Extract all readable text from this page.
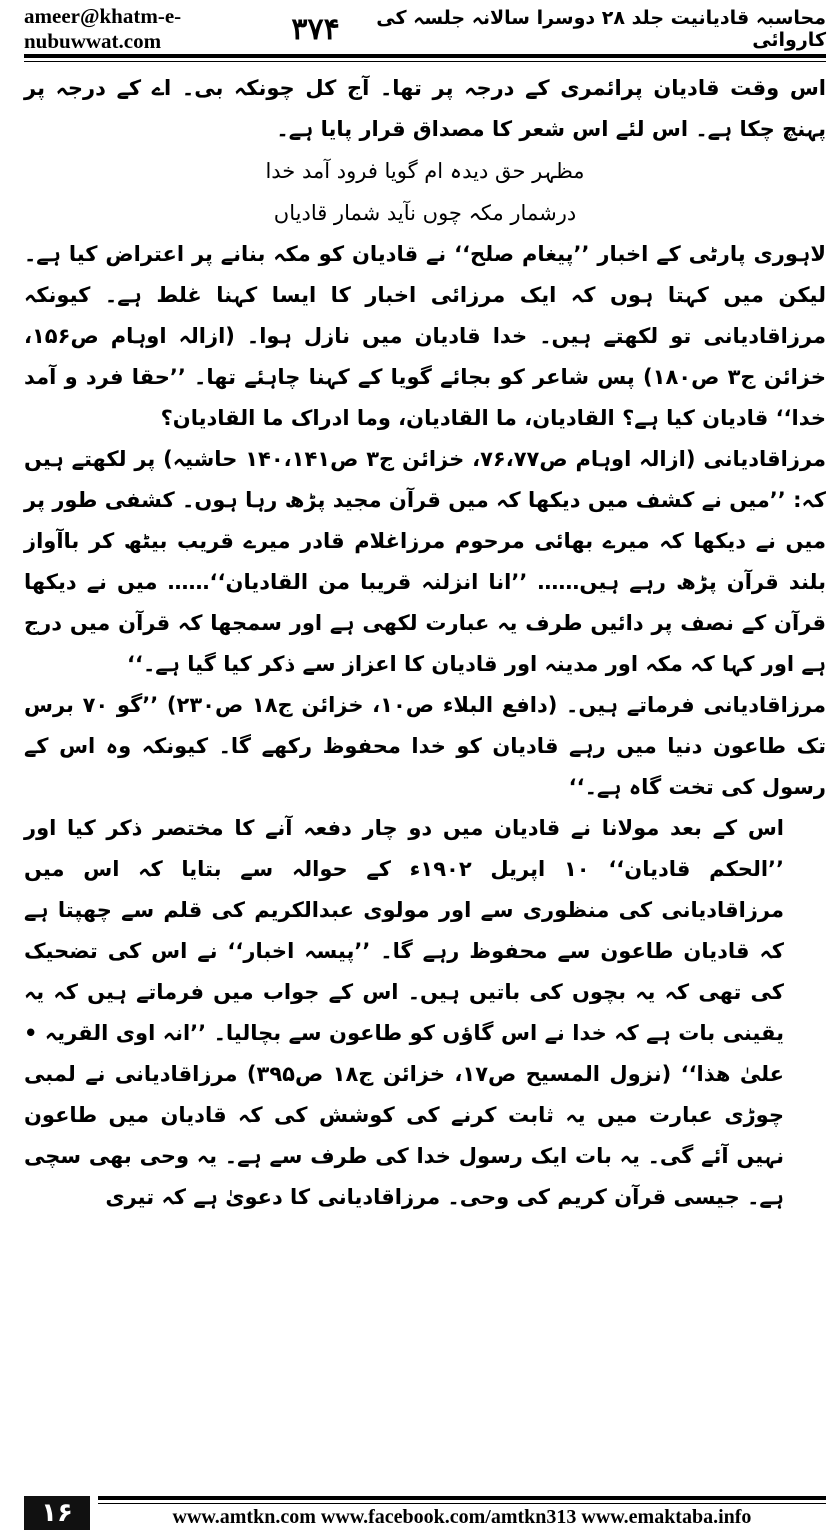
ameer@khatm-e-nubuwwat.com
محاسبہ قادیانیت جلد ۲۸ دوسرا سالانہ جلسہ کی کاروائی
۳۷۴

اس وقت قادیان پرائمری کے درجہ پر تھا۔ آج کل چونکہ بی۔ اے کے درجہ پر پہنچ چکا ہے۔ اس لئے اس شعر کا مصداق قرار پایا ہے۔

مظہر حق دیدہ ام گویا فرود آمد خدا

درشمار مکہ چوں نآید شمار قادیاں

لاہوری پارٹی کے اخبار ’’پیغام صلح‘‘ نے قادیان کو مکہ بنانے پر اعتراض کیا ہے۔ لیکن میں کہتا ہوں کہ ایک مرزائی اخبار کا ایسا کہنا غلط ہے۔ کیونکہ مرزاقادیانی تو لکھتے ہیں۔ خدا قادیان میں نازل ہوا۔ (ازالہ اوہام ص۱۵۶، خزائن ج۳ ص۱۸۰) پس شاعر کو بجائے گویا کے کہنا چاہئے تھا۔ ’’حقا فرد و آمد خدا‘‘ قادیان کیا ہے؟ القادیان، ما القادیان، وما ادراک ما القادیان؟

مرزاقادیانی (ازالہ اوہام ص۷۶،۷۷، خزائن ج۳ ص۱۴۰،۱۴۱ حاشیہ) پر لکھتے ہیں کہ: ’’میں نے کشف میں دیکھا کہ میں قرآن مجید پڑھ رہا ہوں۔ کشفی طور پر میں نے دیکھا کہ میرے بھائی مرحوم مرزاغلام قادر میرے قریب بیٹھ کر باآواز بلند قرآن پڑھ رہے ہیں…… ’’انا انزلنہ قریبا من القادیان‘‘…… میں نے دیکھا قرآن کے نصف پر دائیں طرف یہ عبارت لکھی ہے اور سمجھا کہ قرآن میں درج ہے اور کہا کہ مکہ اور مدینہ اور قادیان کا اعزاز سے ذکر کیا گیا ہے۔‘‘

مرزاقادیانی فرماتے ہیں۔ (دافع البلاء ص۱۰، خزائن ج۱۸ ص۲۳۰) ’’گو ۷۰ برس تک طاعون دنیا میں رہے قادیان کو خدا محفوظ رکھے گا۔ کیونکہ وہ اس کے رسول کی تخت گاہ ہے۔‘‘

اس کے بعد مولانا نے قادیان میں دو چار دفعہ آنے کا مختصر ذکر کیا اور ’’الحکم قادیان‘‘ ۱۰ اپریل ۱۹۰۲ء کے حوالہ سے بتایا کہ اس میں مرزاقادیانی کی منظوری سے اور مولوی عبدالکریم کی قلم سے چھپتا ہے کہ قادیان طاعون سے محفوظ رہے گا۔ ’’پیسہ اخبار‘‘ نے اس کی تضحیک کی تھی کہ یہ بچوں کی باتیں ہیں۔ اس کے جواب میں فرماتے ہیں کہ یہ یقینی بات ہے کہ خدا نے اس گاؤں کو طاعون سے بچالیا۔ ’’انہ اوی القریہ • علیٰ ھذا‘‘ (نزول المسیح ص۱۷، خزائن ج۱۸ ص۳۹۵) مرزاقادیانی نے لمبی چوڑی عبارت میں یہ ثابت کرنے کی کوشش کی کہ قادیان میں طاعون نہیں آئے گی۔ یہ بات ایک رسول خدا کی طرف سے ہے۔ یہ وحی بھی سچی ہے۔ جیسی قرآن کریم کی وحی۔ مرزاقادیانی کا دعویٰ ہے کہ تیری

۱۶	www.amtkn.com www.facebook.com/amtkn313 www.emaktaba.info
